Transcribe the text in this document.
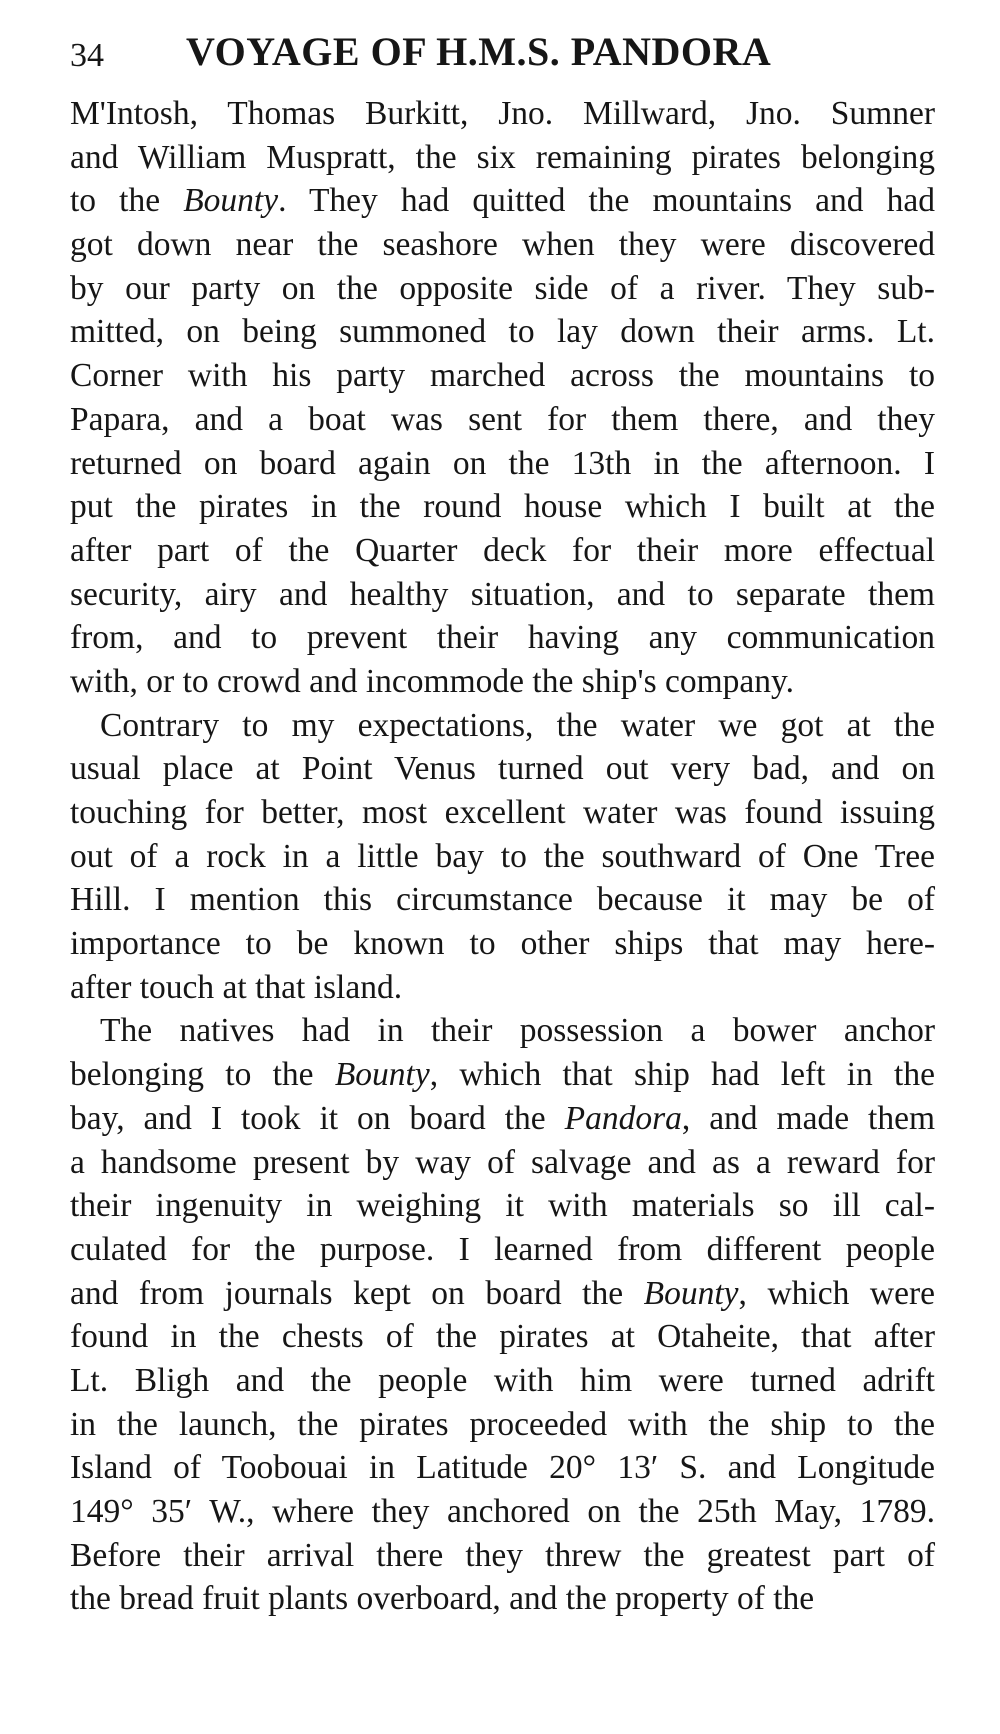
34 VOYAGE OF H.M.S. PANDORA
M'Intosh, Thomas Burkitt, Jno. Millward, Jno. Sumner
and William Muspratt, the six remaining pirates belonging
to the Bounty. They had quitted the mountains and had
got down near the seashore when they were discovered
by our party on the opposite side of a river. They sub-
mitted, on being summoned to lay down their arms. Lt.
Corner with his party marched across the mountains to
Papara, and a boat was sent for them there, and they
returned on board again on the 13th in the afternoon. I
put the pirates in the round house which I built at the
after part of the Quarter deck for their more effectual
security, airy and healthy situation, and to separate them
from, and to prevent their having any communication
with, or to crowd and incommode the ship's company.
Contrary to my expectations, the water we got at the
usual place at Point Venus turned out very bad, and on
touching for better, most excellent water was found issuing
out of a rock in a little bay to the southward of One Tree
Hill. I mention this circumstance because it may be of
importance to be known to other ships that may here-
after touch at that island.
The natives had in their possession a bower anchor
belonging to the Bounty, which that ship had left in the
bay, and I took it on board the Pandora, and made them
a handsome present by way of salvage and as a reward for
their ingenuity in weighing it with materials so ill cal-
culated for the purpose. I learned from different people
and from journals kept on board the Bounty, which were
found in the chests of the pirates at Otaheite, that after
Lt. Bligh and the people with him were turned adrift
in the launch, the pirates proceeded with the ship to the
Island of Toobouai in Latitude 20° 13′ S. and Longitude
149° 35′ W., where they anchored on the 25th May, 1789.
Before their arrival there they threw the greatest part of
the bread fruit plants overboard, and the property of the
